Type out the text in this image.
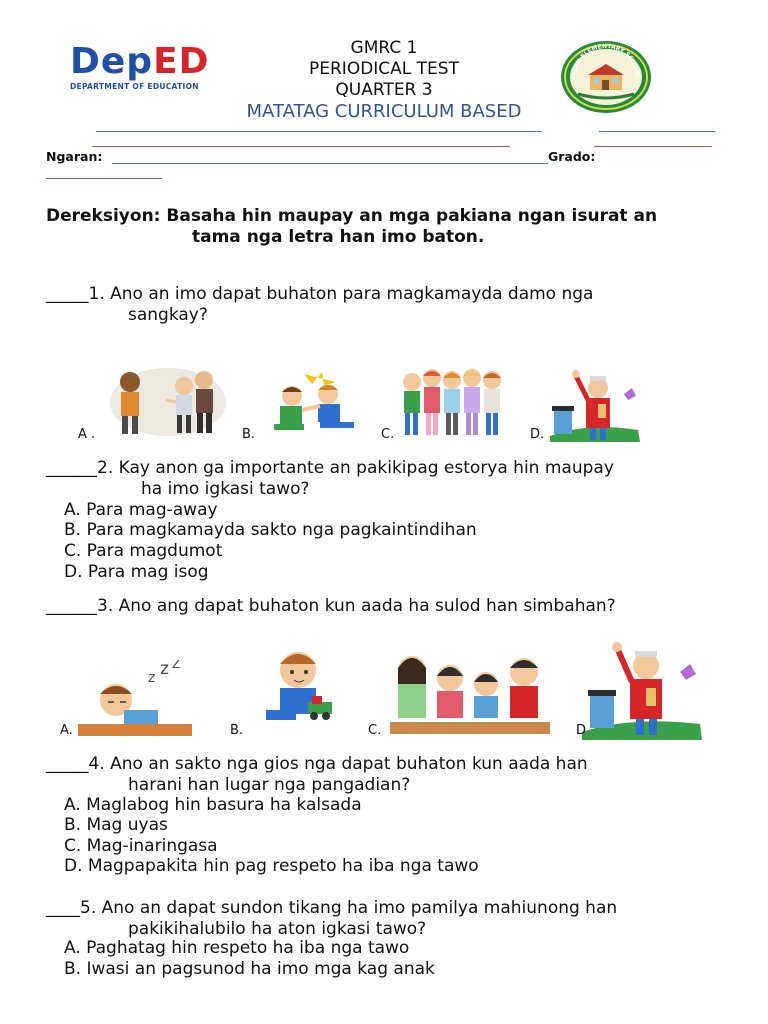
DepED
DEPARTMENT OF EDUCATION
GMRC 1
PERIODICAL TEST
QUARTER 3
MATATAG CURRICULUM BASED
TILAN ELEMENTARY SCHOOL
Ngaran:	Grado:
Dereksiyon: Basaha hin maupay an mga pakiana ngan isurat an
tama nga letra han imo baton.
_____1. Ano an imo dapat buhaton para magkamayda damo nga
sangkay?
A .	B.	C.	D.
______2. Kay anon ga importante an pakikipag estorya hin maupay
ha imo igkasi tawo?
A. Para mag-away
B. Para magkamayda sakto nga pagkaintindihan
C. Para magdumot
D. Para mag isog
______3. Ano ang dapat buhaton kun aada ha sulod han simbahan?
z z Z
A.	B.	C.	D
_____4. Ano an sakto nga gios nga dapat buhaton kun aada han
harani han lugar nga pangadian?
A. Maglabog hin basura ha kalsada
B. Mag uyas
C. Mag-inaringasa
D. Magpapakita hin pag respeto ha iba nga tawo
____5. Ano an dapat sundon tikang ha imo pamilya mahiunong han
pakikihalubilo ha aton igkasi tawo?
A. Paghatag hin respeto ha iba nga tawo
B. Iwasi an pagsunod ha imo mga kag anak
